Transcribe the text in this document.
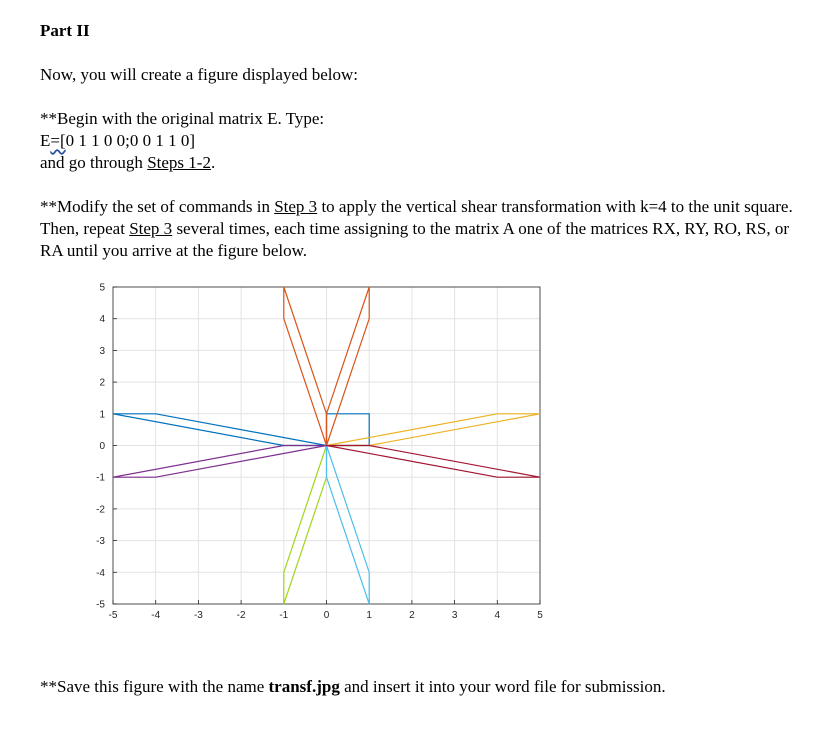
Part II
Now, you will create a figure displayed below:
**Begin with the original matrix E. Type:
E=[0 1 1 0 0;0 0 1 1 0]
and go through Steps 1-2.
**Modify the set of commands in Step 3 to apply the vertical shear transformation with k=4 to the unit square. Then, repeat Step 3 several times, each time assigning to the matrix A one of the matrices RX, RY, RO, RS, or RA until you arrive at the figure below.
-5	-4	-3	-2	-1	0	1	2	3	4	5
5
4
3
2
1
0
-1
-2
-3
-4
-5
**Save this figure with the name transf.jpg and insert it into your word file for submission.
